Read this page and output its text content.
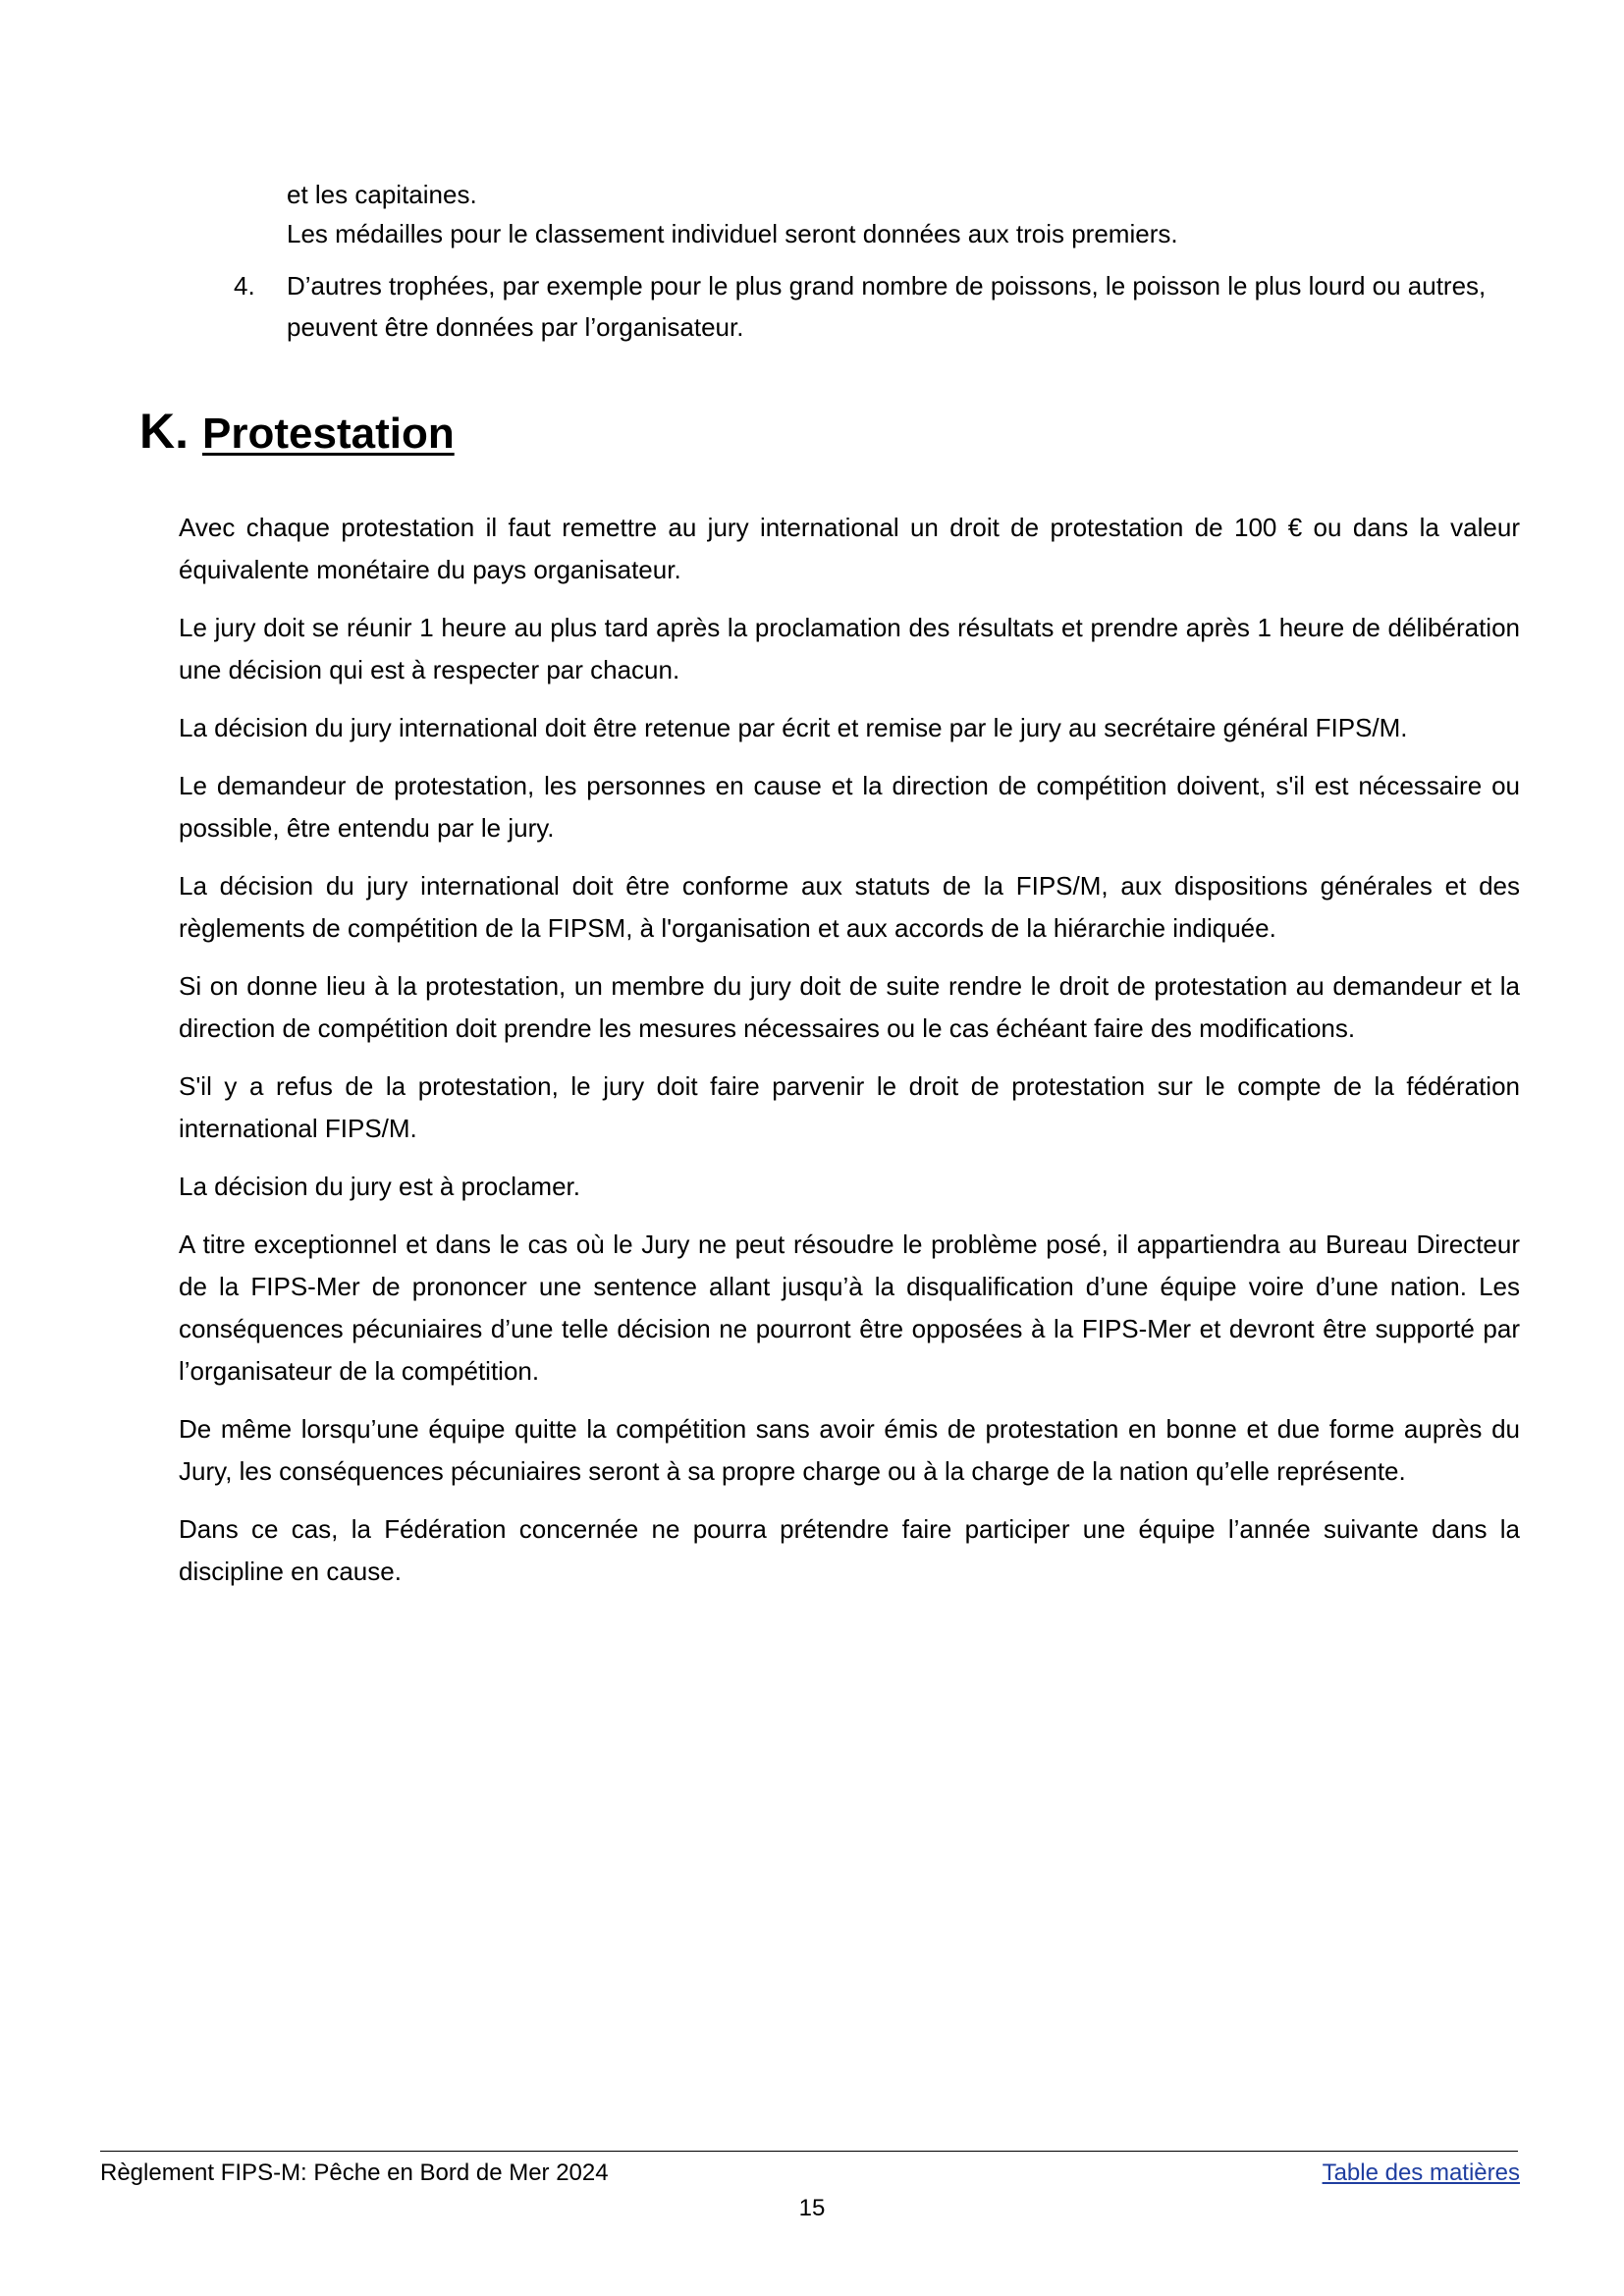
et les capitaines.

Les médailles pour le classement individuel seront données aux trois premiers.

4.	D’autres trophées, par exemple pour le plus grand nombre de poissons, le poisson le plus lourd ou autres, peuvent être données par l’organisateur.
K. Protestation

Avec chaque protestation il faut remettre au jury international un droit de protestation de 100 € ou dans la valeur équivalente monétaire du pays organisateur.

Le jury doit se réunir 1 heure au plus tard après la proclamation des résultats et prendre après 1 heure de délibération une décision qui est à respecter par chacun.

La décision du jury international doit être retenue par écrit et remise par le jury au secrétaire général FIPS/M.

Le demandeur de protestation, les personnes en cause et la direction de compétition doivent, s'il est nécessaire ou possible, être entendu par le jury.

La décision du jury international doit être conforme aux statuts de la FIPS/M, aux dispositions générales et des règlements de compétition de la FIPSM, à l'organisation et aux accords de la hiérarchie indiquée.

Si on donne lieu à la protestation, un membre du jury doit de suite rendre le droit de protestation au demandeur et la direction de compétition doit prendre les mesures nécessaires ou le cas échéant faire des modifications.

S'il y a refus de la protestation, le jury doit faire parvenir le droit de protestation sur le compte de la fédération international FIPS/M.

La décision du jury est à proclamer.

A titre exceptionnel et dans le cas où le Jury ne peut résoudre le problème posé, il appartiendra au Bureau Directeur de la FIPS-Mer de prononcer une sentence allant jusqu’à la disqualification d’une équipe voire d’une nation. Les conséquences pécuniaires d’une telle décision ne pourront être opposées à la FIPS-Mer et devront être supporté par l’organisateur de la compétition.

De même lorsqu’une équipe quitte la compétition sans avoir émis de protestation en bonne et due forme auprès du Jury, les conséquences pécuniaires seront à sa propre charge ou à la charge de la nation qu’elle représente.

Dans ce cas, la Fédération concernée ne pourra prétendre faire participer une équipe l’année suivante dans la discipline en cause.

Règlement FIPS-M: Pêche en Bord de Mer 2024	Table des matières
15
